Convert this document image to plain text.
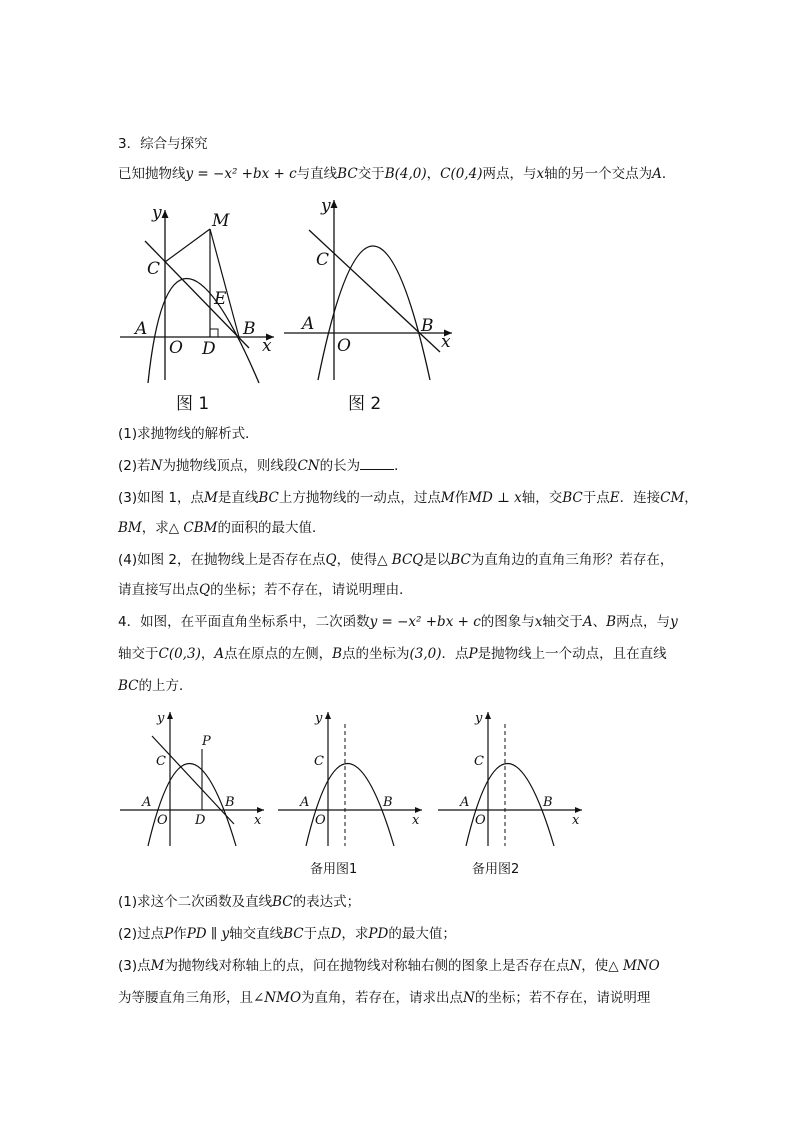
3．综合与探究
已知抛物线y = −x² +bx + c与直线BC交于B(4,0)，C(0,4)两点，与x轴的另一个交点为A．
y	M
C
E
A	B
O D	x
图 1
y
C
A	B
O	x
图 2
(1)求抛物线的解析式．
(2)若N为抛物线顶点，则线段CN的长为	．
(3)如图 1，点M是直线BC上方抛物线的一动点，过点M作MD ⊥ x轴，交BC于点E．连接CM，
BM，求△ CBM的面积的最大值．
(4)如图 2，在抛物线上是否存在点Q，使得△ BCQ是以BC为直角边的直角三角形？若存在，
请直接写出点Q的坐标；若不存在，请说明理由．
4．如图，在平面直角坐标系中，二次函数y = −x² +bx + c的图象与x轴交于A、B两点，与y
轴交于C(0,3)，A点在原点的左侧，B点的坐标为(3,0)．点P是抛物线上一个动点，且在直线
BC的上方．
y
P
C
A	B
O D	x
y
C
A	B
O	x
备用图1
y
C
A	B
O	x
备用图2
(1)求这个二次函数及直线BC的表达式；
(2)过点P作PD ∥ y轴交直线BC于点D，求PD的最大值；
(3)点M为抛物线对称轴上的点，问在抛物线对称轴右侧的图象上是否存在点N，使△ MNO
为等腰直角三角形，且∠NMO为直角，若存在，请求出点N的坐标；若不存在，请说明理
